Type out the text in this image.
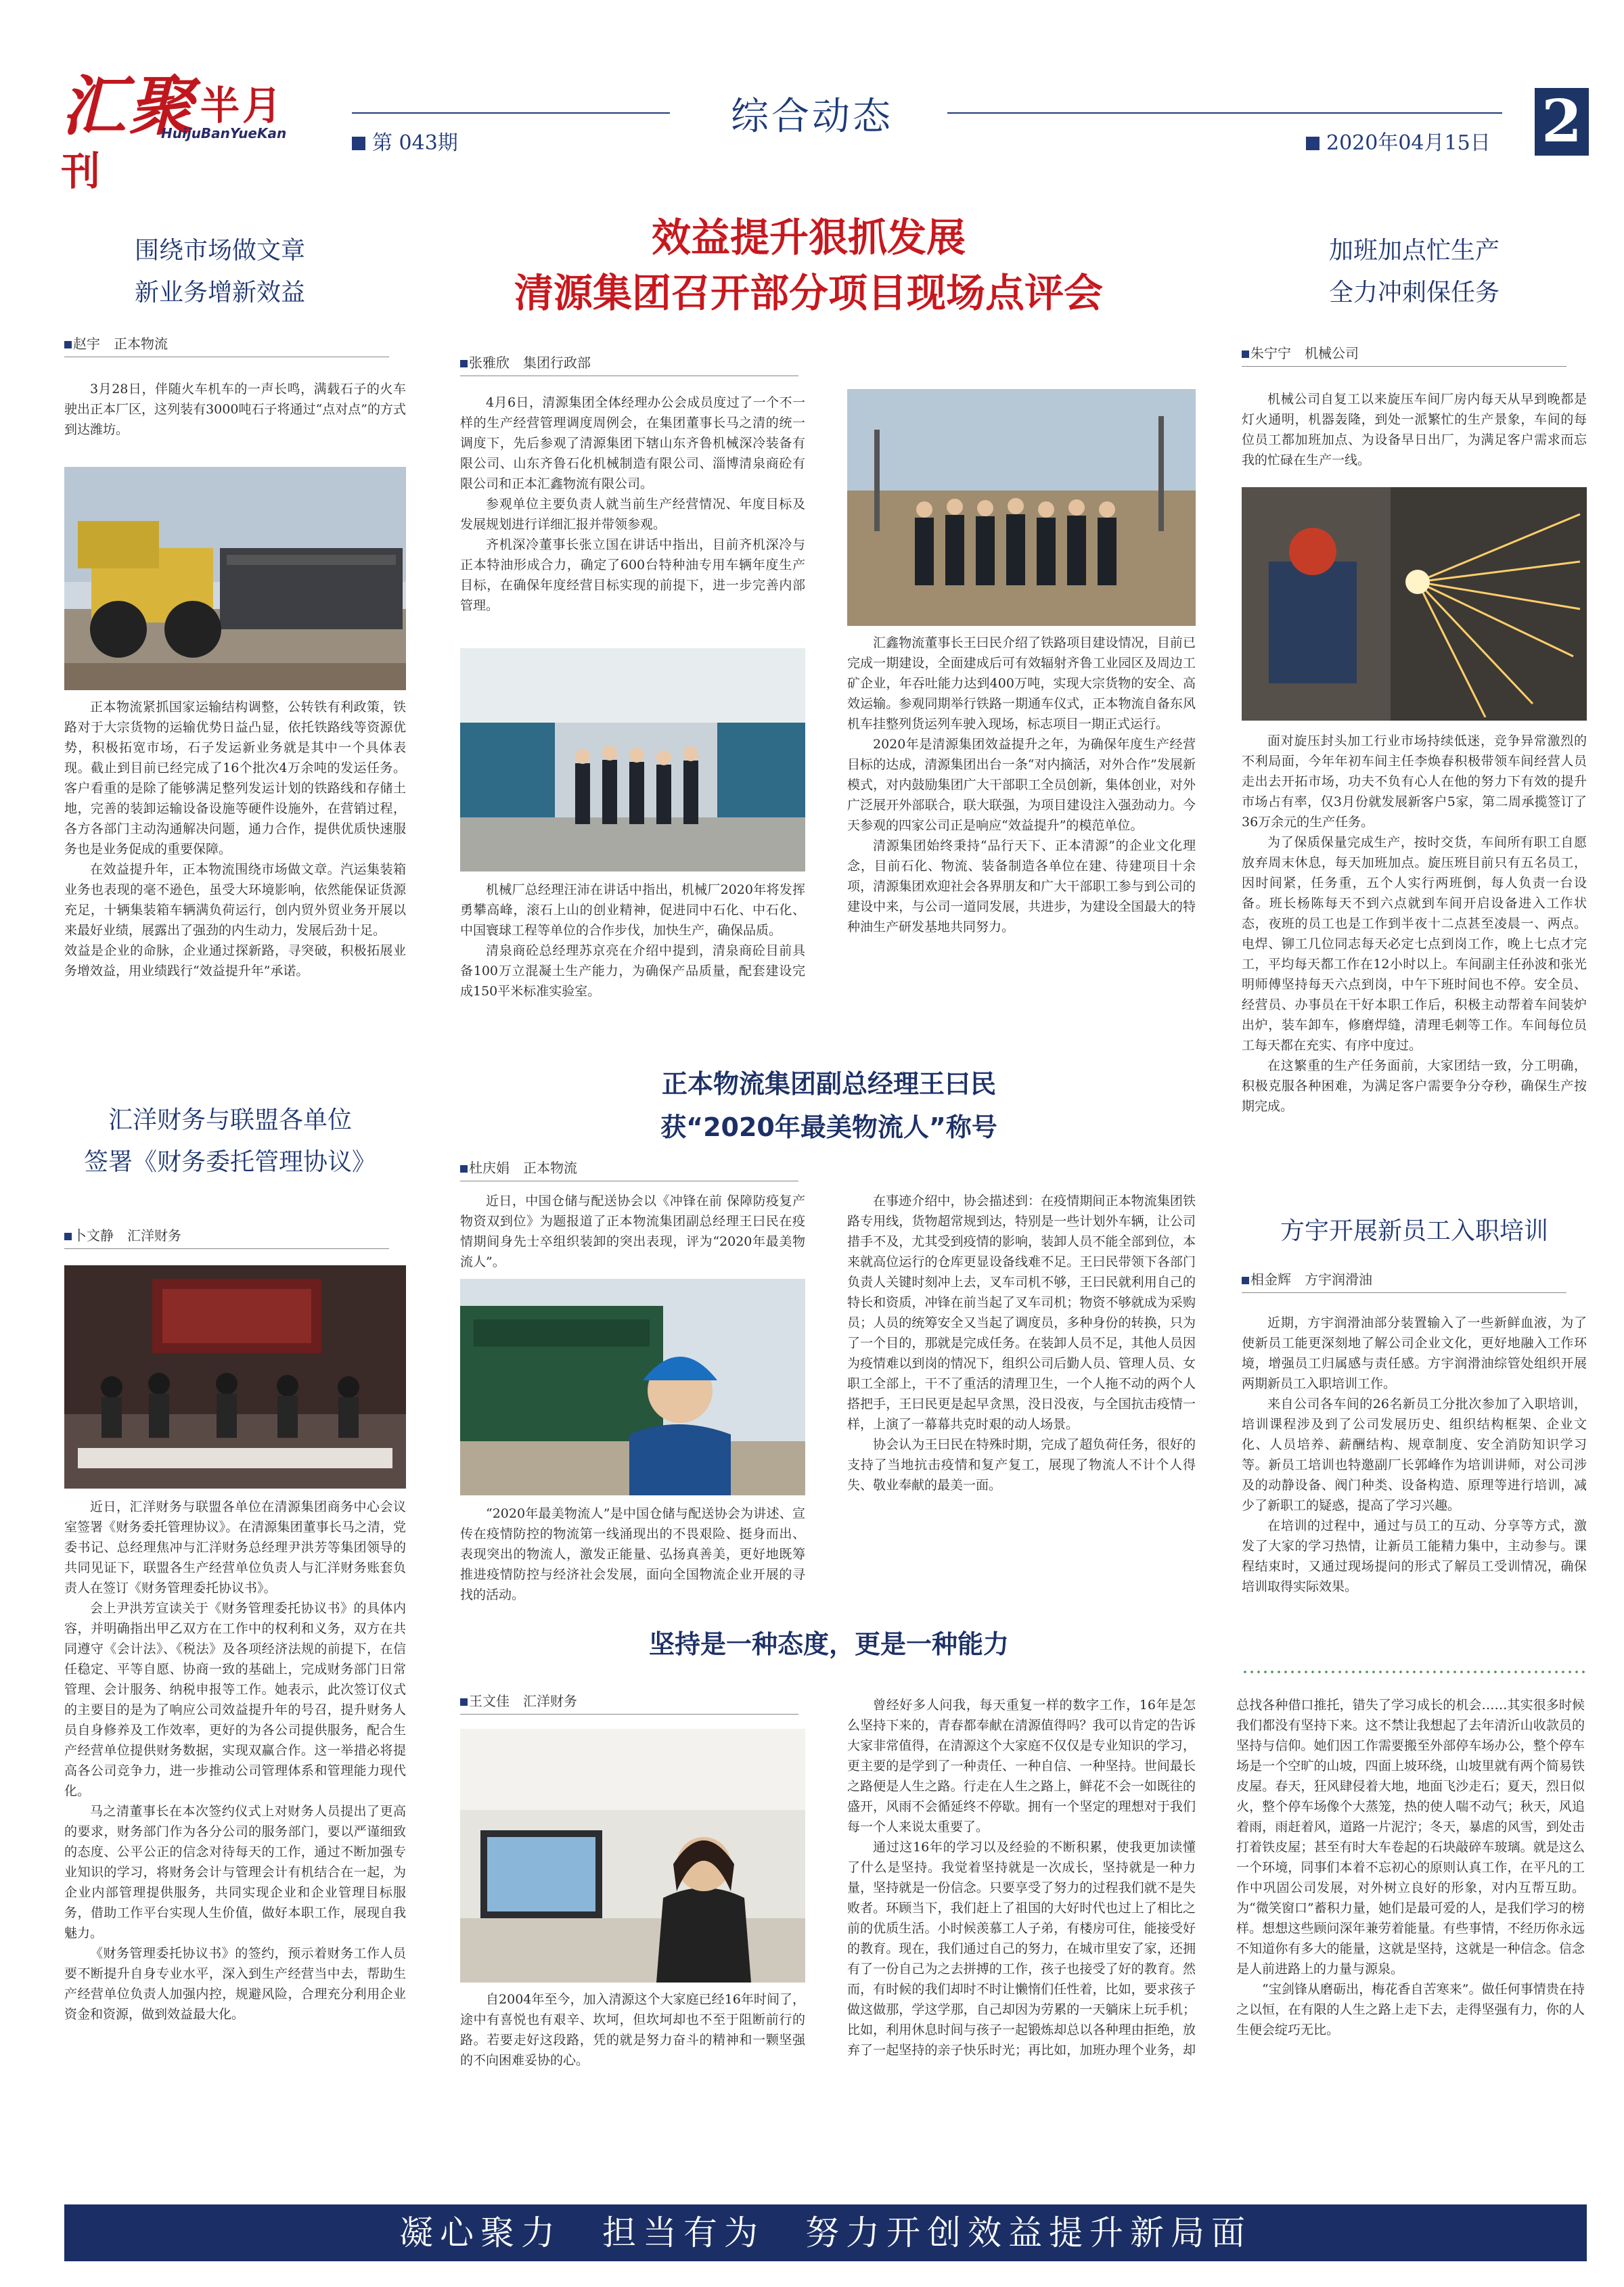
汇聚 半月刊
HuijuBanYueKan	综合动态
第 043期	2020年04月15日 2
围绕市场做文章
新业务增新效益
赵宇　正本物流

3月28日，伴随火车机车的一声长鸣，满载石子的火车驶出正本厂区，这列装有3000吨石子将通过“点对点”的方式到达潍坊。

正本物流紧抓国家运输结构调整，公转铁有利政策，铁路对于大宗货物的运输优势日益凸显，依托铁路线等资源优势，积极拓宽市场，石子发运新业务就是其中一个具体表现。截止到目前已经完成了16个批次4万余吨的发运任务。客户看重的是除了能够满足整列发运计划的铁路线和存储土地，完善的装卸运输设备设施等硬件设施外，在营销过程，各方各部门主动沟通解决问题，通力合作，提供优质快速服务也是业务促成的重要保障。

在效益提升年，正本物流围绕市场做文章。汽运集装箱业务也表现的毫不逊色，虽受大环境影响，依然能保证货源充足，十辆集装箱车辆满负荷运行，创内贸外贸业务开展以来最好业绩，展露出了强劲的内生动力，发展后劲十足。

效益是企业的命脉，企业通过探新路，寻突破，积极拓展业务增效益，用业绩践行“效益提升年”承诺。

汇洋财务与联盟各单位
签署《财务委托管理协议》
卜文静　汇洋财务

近日，汇洋财务与联盟各单位在清源集团商务中心会议室签署《财务委托管理协议》。在清源集团董事长马之清，党委书记、总经理焦冲与汇洋财务总经理尹洪芳等集团领导的共同见证下，联盟各生产经营单位负责人与汇洋财务账套负责人在签订《财务管理委托协议书》。

会上尹洪芳宣读关于《财务管理委托协议书》的具体内容，并明确指出甲乙双方在工作中的权利和义务，双方在共同遵守《会计法》、《税法》及各项经济法规的前提下，在信任稳定、平等自愿、协商一致的基础上，完成财务部门日常管理、会计服务、纳税申报等工作。她表示，此次签订仪式的主要目的是为了响应公司效益提升年的号召，提升财务人员自身修养及工作效率，更好的为各公司提供服务，配合生产经营单位提供财务数据，实现双赢合作。这一举措必将提高各公司竞争力，进一步推动公司管理体系和管理能力现代化。

马之清董事长在本次签约仪式上对财务人员提出了更高的要求，财务部门作为各分公司的服务部门，要以严谨细致的态度、公平公正的信念对待每天的工作，通过不断加强专业知识的学习，将财务会计与管理会计有机结合在一起，为企业内部管理提供服务，共同实现企业和企业管理目标服务，借助工作平台实现人生价值，做好本职工作，展现自我魅力。

《财务管理委托协议书》的签约，预示着财务工作人员要不断提升自身专业水平，深入到生产经营当中去，帮助生产经营单位负责人加强内控，规避风险，合理充分利用企业资金和资源，做到效益最大化。

效益提升狠抓发展
清源集团召开部分项目现场点评会
张雅欣　集团行政部

4月6日，清源集团全体经理办公会成员度过了一个不一样的生产经营管理调度周例会，在集团董事长马之清的统一调度下，先后参观了清源集团下辖山东齐鲁机械深冷装备有限公司、山东齐鲁石化机械制造有限公司、淄博清泉商砼有限公司和正本汇鑫物流有限公司。

参观单位主要负责人就当前生产经营情况、年度目标及发展规划进行详细汇报并带领参观。

齐机深冷董事长张立国在讲话中指出，目前齐机深冷与正本特油形成合力，确定了600台特种油专用车辆年度生产目标，在确保年度经营目标实现的前提下，进一步完善内部管理。

机械厂总经理汪沛在讲话中指出，机械厂2020年将发挥勇攀高峰，滚石上山的创业精神，促进同中石化、中石化、中国寰球工程等单位的合作步伐，加快生产，确保品质。

清泉商砼总经理苏京亮在介绍中提到，清泉商砼目前具备100万立混凝土生产能力，为确保产品质量，配套建设完成150平米标准实验室。

汇鑫物流董事长王曰民介绍了铁路项目建设情况，目前已完成一期建设，全面建成后可有效辐射齐鲁工业园区及周边工矿企业，年吞吐能力达到400万吨，实现大宗货物的安全、高效运输。参观同期举行铁路一期通车仪式，正本物流自备东风机车挂整列货运列车驶入现场，标志项目一期正式运行。

2020年是清源集团效益提升之年，为确保年度生产经营目标的达成，清源集团出台一条“对内摘活，对外合作”发展新模式，对内鼓励集团广大干部职工全员创新，集体创业，对外广泛展开外部联合，联大联强，为项目建设注入强劲动力。今天参观的四家公司正是响应“效益提升”的模范单位。

清源集团始终秉持“品行天下、正本清源”的企业文化理念，目前石化、物流、装备制造各单位在建、待建项目十余项，清源集团欢迎社会各界朋友和广大干部职工参与到公司的建设中来，与公司一道同发展，共进步，为建设全国最大的特种油生产研发基地共同努力。

正本物流集团副总经理王曰民
获“2020年最美物流人”称号
杜庆娟　正本物流

近日，中国仓储与配送协会以《冲锋在前 保障防疫复产物资双到位》为题报道了正本物流集团副总经理王曰民在疫情期间身先士卒组织装卸的突出表现，评为“2020年最美物流人”。

“2020年最美物流人”是中国仓储与配送协会为讲述、宣传在疫情防控的物流第一线涌现出的不畏艰险、挺身而出、表现突出的物流人，激发正能量、弘扬真善美，更好地既筹推进疫情防控与经济社会发展，面向全国物流企业开展的寻找的活动。

在事迹介绍中，协会描述到：在疫情期间正本物流集团铁路专用线，货物超常规到达，特别是一些计划外车辆，让公司措手不及，尤其受到疫情的影响，装卸人员不能全部到位，本来就高位运行的仓库更显设备线难不足。王曰民带领下各部门负责人关键时刻冲上去，叉车司机不够，王曰民就利用自己的特长和资质，冲锋在前当起了叉车司机；物资不够就成为采购员；人员的统筹安全又当起了调度员，多种身份的转换，只为了一个目的，那就是完成任务。在装卸人员不足，其他人员因为疫情难以到岗的情况下，组织公司后勤人员、管理人员、女职工全部上，干不了重活的清理卫生，一个人拖不动的两个人搭把手，王曰民更是起早贪黑，没日没夜，与全国抗击疫情一样，上演了一幕幕共克时艰的动人场景。

协会认为王曰民在特殊时期，完成了超负荷任务，很好的支持了当地抗击疫情和复产复工，展现了物流人不计个人得失、敬业奉献的最美一面。

加班加点忙生产
全力冲刺保任务
朱宁宁　机械公司

机械公司自复工以来旋压车间厂房内每天从早到晚都是灯火通明，机器轰隆，到处一派繁忙的生产景象，车间的每位员工都加班加点、为设备早日出厂，为满足客户需求而忘我的忙碌在生产一线。

面对旋压封头加工行业市场持续低迷，竞争异常激烈的不利局面，今年年初车间主任李焕春积极带领车间经营人员走出去开拓市场，功夫不负有心人在他的努力下有效的提升市场占有率，仅3月份就发展新客户5家，第二周承揽签订了36万余元的生产任务。

为了保质保量完成生产，按时交货，车间所有职工自愿放弃周末休息，每天加班加点。旋压班目前只有五名员工，因时间紧，任务重，五个人实行两班倒，每人负责一台设备。班长杨陈每天不到六点就到车间开启设备进入工作状态，夜班的员工也是工作到半夜十二点甚至凌晨一、两点。电焊、铆工几位同志每天必定七点到岗工作，晚上七点才完工，平均每天都工作在12小时以上。车间副主任孙波和张光明师傅坚持每天六点到岗，中午下班时间也不停。安全员、经营员、办事员在干好本职工作后，积极主动帮着车间装炉出炉，装车卸车，修磨焊缝，清理毛刺等工作。车间每位员工每天都在充实、有序中度过。

在这繁重的生产任务面前，大家团结一致，分工明确，积极克服各种困难，为满足客户需要争分夺秒，确保生产按期完成。

方宇开展新员工入职培训
相金辉　方宇润滑油

近期，方宇润滑油部分装置输入了一些新鲜血液，为了使新员工能更深刻地了解公司企业文化，更好地融入工作环境，增强员工归属感与责任感。方宇润滑油综管处组织开展两期新员工入职培训工作。

来自公司各车间的26名新员工分批次参加了入职培训，培训课程涉及到了公司发展历史、组织结构框架、企业文化、人员培养、薪酬结构、规章制度、安全消防知识学习等。新员工培训也特邀副厂长郭峰作为培训讲师，对公司涉及的动静设备、阀门种类、设备构造、原理等进行培训，减少了新职工的疑惑，提高了学习兴趣。

在培训的过程中，通过与员工的互动、分享等方式，激发了大家的学习热情，让新员工能精力集中，主动参与。课程结束时，又通过现场提问的形式了解员工受训情况，确保培训取得实际效果。

坚持是一种态度，更是一种能力
王文佳　汇洋财务

自2004年至今，加入清源这个大家庭已经16年时间了，途中有喜悦也有艰辛、坎坷，但坎坷却也不至于阻断前行的路。若要走好这段路，凭的就是努力奋斗的精神和一颗坚强的不向困难妥协的心。

曾经好多人问我，每天重复一样的数字工作，16年是怎么坚持下来的，青春都奉献在清源值得吗？我可以肯定的告诉大家非常值得，在清源这个大家庭不仅仅是专业知识的学习，更主要的是学到了一种责任、一种自信、一种坚持。世间最长之路便是人生之路。行走在人生之路上，鲜花不会一如既往的盛开，风雨不会循延终不停歇。拥有一个坚定的理想对于我们每一个人来说太重要了。

通过这16年的学习以及经验的不断积累，使我更加读懂了什么是坚持。我觉着坚持就是一次成长，坚持就是一种力量，坚持就是一份信念。只要享受了努力的过程我们就不是失败者。环顾当下，我们赶上了祖国的大好时代也过上了相比之前的优质生活。小时候羡慕工人子弟，有楼房可住，能接受好的教育。现在，我们通过自己的努力，在城市里安了家，还拥有了一份自己为之去拼搏的工作，孩子也接受了好的教育。然而，有时候的我们却时不时让懒惰们任性着，比如，要求孩子做这做那，学这学那，自己却因为劳累的一天躺床上玩手机；比如，利用休息时间与孩子一起锻炼却总以各种理由拒绝，放弃了一起坚持的亲子快乐时光；再比如，加班办理个业务，却总找各种借口推托，错失了学习成长的机会……其实很多时候我们都没有坚持下来。这不禁让我想起了去年清沂山收款员的坚持与信仰。她们因工作需要搬至外部停车场办公，整个停车场是一个空旷的山坡，四面上坡环绕，山坡里就有两个简易铁皮屋。春天，狂风肆侵着大地，地面飞沙走石；夏天，烈日似火，整个停车场像个大蒸笼，热的使人喘不动气；秋天，风追着雨，雨赶着风，道路一片泥泞；冬天，暴虐的风雪，到处击打着铁皮屋；甚至有时大车卷起的石块敲碎车玻璃。就是这么一个环境，同事们本着不忘初心的原则认真工作，在平凡的工作中巩固公司发展，对外树立良好的形象，对内互帮互助。为“微笑窗口”蓄积力量，她们是最可爱的人，是我们学习的榜样。想想这些顾问深年兼劳着能量。有些事情，不经历你永远不知道你有多大的能量，这就是坚持，这就是一种信念。信念是人前进路上的力量与源泉。

“宝剑锋从磨砺出，梅花香自苦寒来”。做任何事情贵在持之以恒，在有限的人生之路上走下去，走得坚强有力，你的人生便会绽巧无比。

凝心聚力　担当有为　努力开创效益提升新局面
